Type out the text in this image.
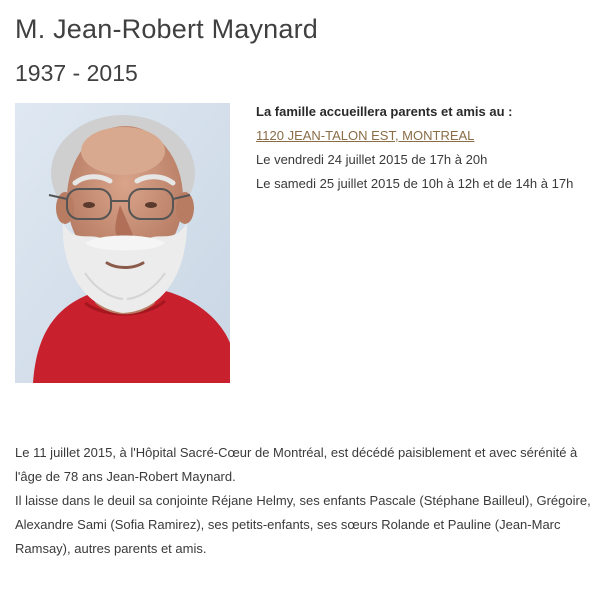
M. Jean-Robert Maynard
1937 - 2015
La famille accueillera parents et amis au :
1120 JEAN-TALON EST, MONTREAL
Le vendredi 24 juillet 2015 de 17h à 20h
Le samedi 25 juillet 2015 de 10h à 12h et de 14h à 17h

Le 11 juillet 2015, à l'Hôpital Sacré-Cœur de Montréal, est décédé paisiblement et avec sérénité à l'âge de 78 ans Jean-Robert Maynard.

Il laisse dans le deuil sa conjointe Réjane Helmy, ses enfants Pascale (Stéphane Bailleul), Grégoire, Alexandre Sami (Sofia Ramirez), ses petits-enfants, ses sœurs Rolande et Pauline (Jean-Marc Ramsay), autres parents et amis.
